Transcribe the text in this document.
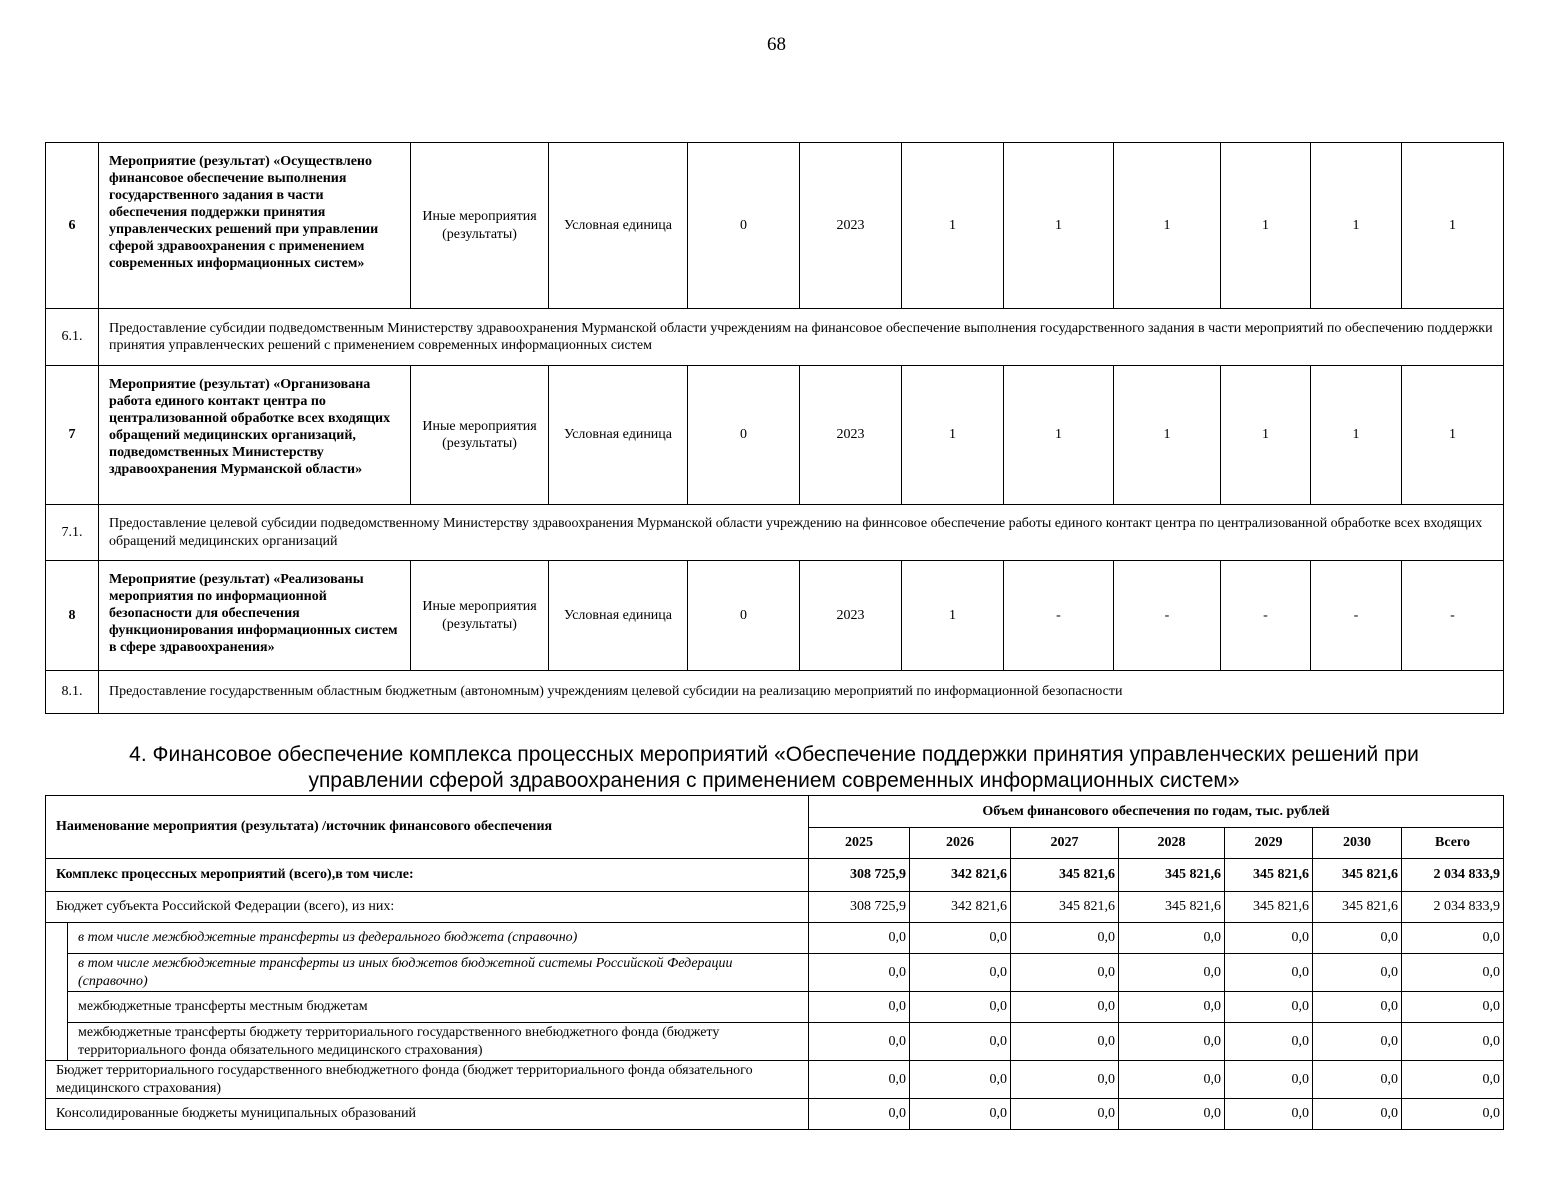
68
6	Мероприятие (результат) «Осуществлено финансовое обеспечение выполнения государственного задания в части обеспечения поддержки принятия управленческих решений при управлении сферой здравоохранения с применением современных информационных систем»	Иные мероприятия (результаты)	Условная единица	0	2023	1	1	1	1	1	1
6.1.	Предоставление субсидии подведомственным Министерству здравоохранения Мурманской области учреждениям на финансовое обеспечение выполнения государственного задания в части мероприятий по обеспечению поддержки принятия управленческих решений с применением современных информационных систем										
7	Мероприятие (результат) «Организована работа единого контакт центра по централизованной обработке всех входящих обращений медицинских организаций, подведомственных Министерству здравоохранения Мурманской области»	Иные мероприятия (результаты)	Условная единица	0	2023	1	1	1	1	1	1
7.1.	Предоставление целевой субсидии подведомственному Министерству здравоохранения Мурманской области учреждению на финнсовое обеспечение работы единого контакт центра по централизованной обработке всех входящих обращений медицинских организаций										
8	Мероприятие (результат) «Реализованы мероприятия по информационной безопасности для обеспечения функционирования информационных систем в сфере здравоохранения»	Иные мероприятия (результаты)	Условная единица	0	2023	1	-	-	-	-	-
8.1.	Предоставление государственным областным бюджетным (автономным) учреждениям целевой субсидии на реализацию мероприятий по информационной безопасности										
4. Финансовое обеспечение комплекса процессных мероприятий «Обеспечение поддержки принятия управленческих решений при
управлении сферой здравоохранения с применением современных информационных систем»
Наименование мероприятия (результата) /источник финансового обеспечения		Объем финансового обеспечения по годам, тыс. рублей						
		2025	2026	2027	2028	2029	2030	Всего
Комплекс процессных мероприятий (всего),в том числе:		308 725,9	342 821,6	345 821,6	345 821,6	345 821,6	345 821,6	2 034 833,9
Бюджет субъекта Российской Федерации (всего), из них:		308 725,9	342 821,6	345 821,6	345 821,6	345 821,6	345 821,6	2 034 833,9
	в том числе межбюджетные трансферты из федерального бюджета (справочно)	0,0	0,0	0,0	0,0	0,0	0,0	0,0
	в том числе межбюджетные трансферты из иных бюджетов бюджетной системы Российской Федерации (справочно)	0,0	0,0	0,0	0,0	0,0	0,0	0,0
	межбюджетные трансферты местным бюджетам	0,0	0,0	0,0	0,0	0,0	0,0	0,0
	межбюджетные трансферты бюджету территориального государственного внебюджетного фонда (бюджету территориального фонда обязательного медицинского страхования)	0,0	0,0	0,0	0,0	0,0	0,0	0,0
Бюджет территориального государственного внебюджетного фонда (бюджет территориального фонда обязательного медицинского страхования)		0,0	0,0	0,0	0,0	0,0	0,0	0,0
Консолидированные бюджеты муниципальных образований		0,0	0,0	0,0	0,0	0,0	0,0	0,0
